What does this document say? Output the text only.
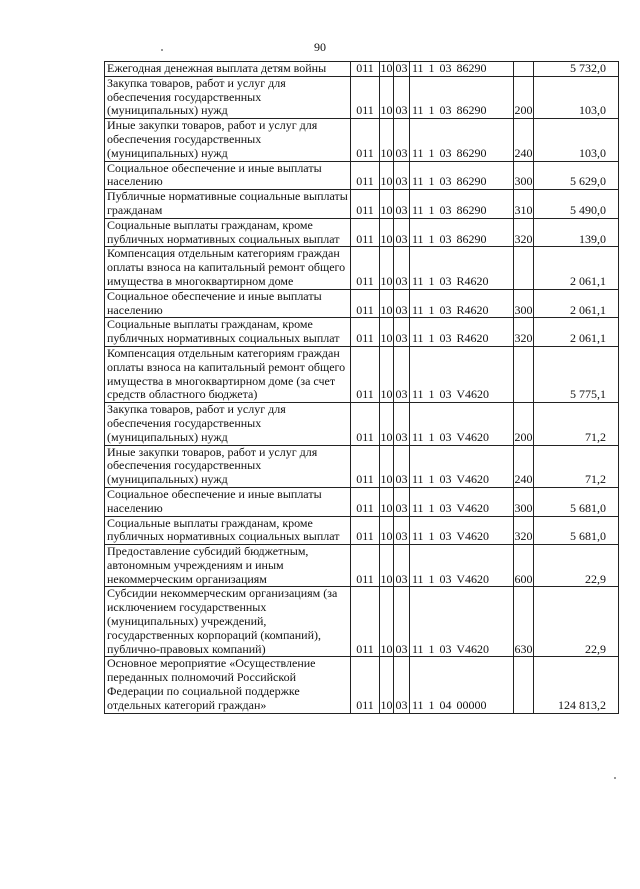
90
Ежегодная денежная выплата детям войны	011	10	03	11 1 03 86290		5 732,0
Закупка товаров, работ и услуг для обеспечения государственных (муниципальных) нужд	011	10	03	11 1 03 86290	200	103,0
Иные закупки товаров, работ и услуг для обеспечения государственных (муниципальных) нужд	011	10	03	11 1 03 86290	240	103,0
Социальное обеспечение и иные выплаты населению	011	10	03	11 1 03 86290	300	5 629,0
Публичные нормативные социальные выплаты гражданам	011	10	03	11 1 03 86290	310	5 490,0
Социальные выплаты гражданам, кроме публичных нормативных социальных выплат	011	10	03	11 1 03 86290	320	139,0
Компенсация отдельным категориям граждан оплаты взноса на капитальный ремонт общего имущества в многоквартирном доме	011	10	03	11 1 03 R4620		2 061,1
Социальное обеспечение и иные выплаты населению	011	10	03	11 1 03 R4620	300	2 061,1
Социальные выплаты гражданам, кроме публичных нормативных социальных выплат	011	10	03	11 1 03 R4620	320	2 061,1
Компенсация отдельным категориям граждан оплаты взноса на капитальный ремонт общего имущества в многоквартирном доме (за счет средств областного бюджета)	011	10	03	11 1 03 V4620		5 775,1
Закупка товаров, работ и услуг для обеспечения государственных (муниципальных) нужд	011	10	03	11 1 03 V4620	200	71,2
Иные закупки товаров, работ и услуг для обеспечения государственных (муниципальных) нужд	011	10	03	11 1 03 V4620	240	71,2
Социальное обеспечение и иные выплаты населению	011	10	03	11 1 03 V4620	300	5 681,0
Социальные выплаты гражданам, кроме публичных нормативных социальных выплат	011	10	03	11 1 03 V4620	320	5 681,0
Предоставление субсидий бюджетным, автономным учреждениям и иным некоммерческим организациям	011	10	03	11 1 03 V4620	600	22,9
Субсидии некоммерческим организациям (за исключением государственных (муниципальных) учреждений, государственных корпораций (компаний), публично-правовых компаний)	011	10	03	11 1 03 V4620	630	22,9
Основное мероприятие «Осуществление переданных полномочий Российской Федерации по социальной поддержке отдельных категорий граждан»	011	10	03	11 1 04 00000		124 813,2
